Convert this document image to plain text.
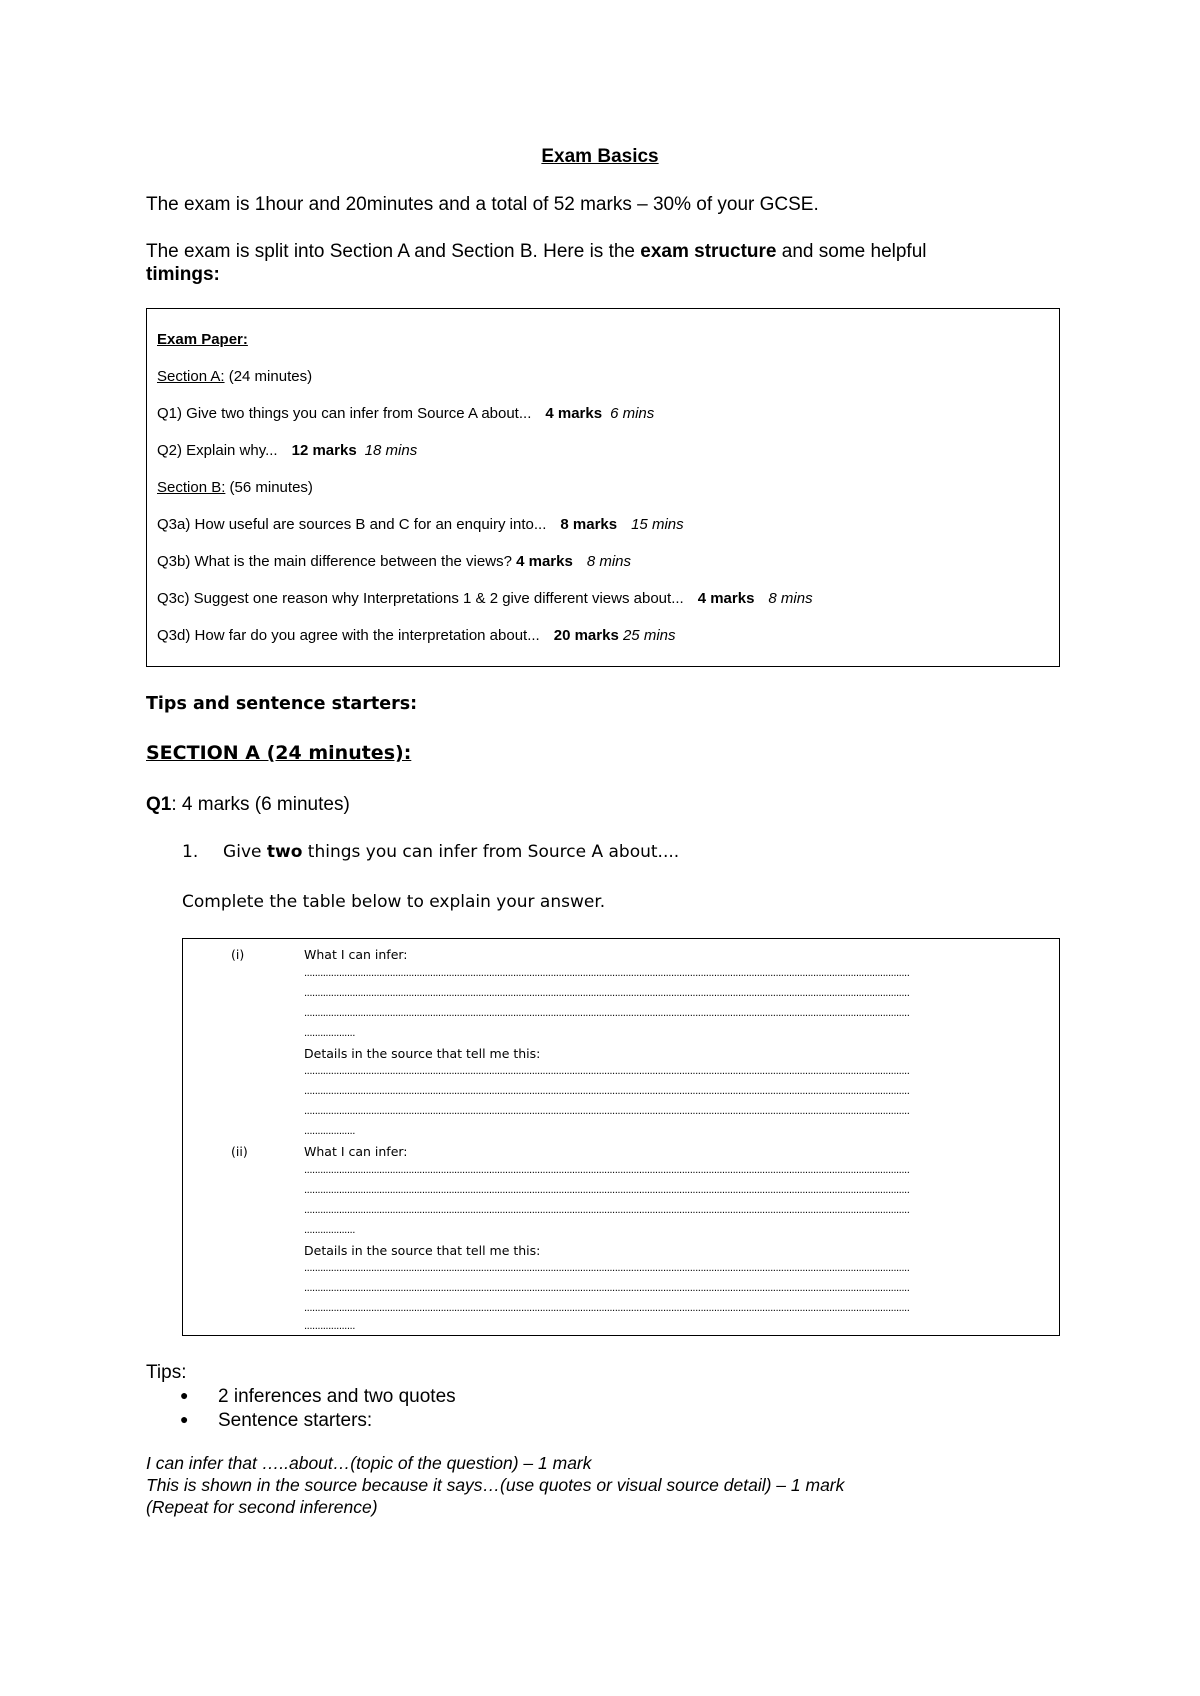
Exam Basics
The exam is 1hour and 20minutes and a total of 52 marks – 30% of your GCSE.
The exam is split into Section A and Section B. Here is the exam structure and some helpful
timings:
Exam Paper:
Section A: (24 minutes)
Q1) Give two things you can infer from Source A about... 4 marks 6 mins
Q2) Explain why... 12 marks 18 mins
Section B: (56 minutes)
Q3a) How useful are sources B and C for an enquiry into... 8 marks 15 mins
Q3b) What is the main difference between the views? 4 marks 8 mins
Q3c) Suggest one reason why Interpretations 1 & 2 give different views about... 4 marks 8 mins
Q3d) How far do you agree with the interpretation about... 20 marks 25 mins
Tips and sentence starters:
SECTION A (24 minutes):
Q1: 4 marks (6 minutes)
1. Give two things you can infer from Source A about....
Complete the table below to explain your answer.
(i)	What I can infer:
..................................................................................................................................................................................................................................
..................................................................................................................................................................................................................................
..................................................................................................................................................................................................................................
...................
Details in the source that tell me this:
..................................................................................................................................................................................................................................
..................................................................................................................................................................................................................................
..................................................................................................................................................................................................................................
...................
(ii)	What I can infer:
..................................................................................................................................................................................................................................
..................................................................................................................................................................................................................................
..................................................................................................................................................................................................................................
...................
Details in the source that tell me this:
..................................................................................................................................................................................................................................
..................................................................................................................................................................................................................................
..................................................................................................................................................................................................................................
...................
Tips:
● 2 inferences and two quotes
● Sentence starters:
I can infer that …..about…(topic of the question) – 1 mark
This is shown in the source because it says…(use quotes or visual source detail) – 1 mark
(Repeat for second inference)
